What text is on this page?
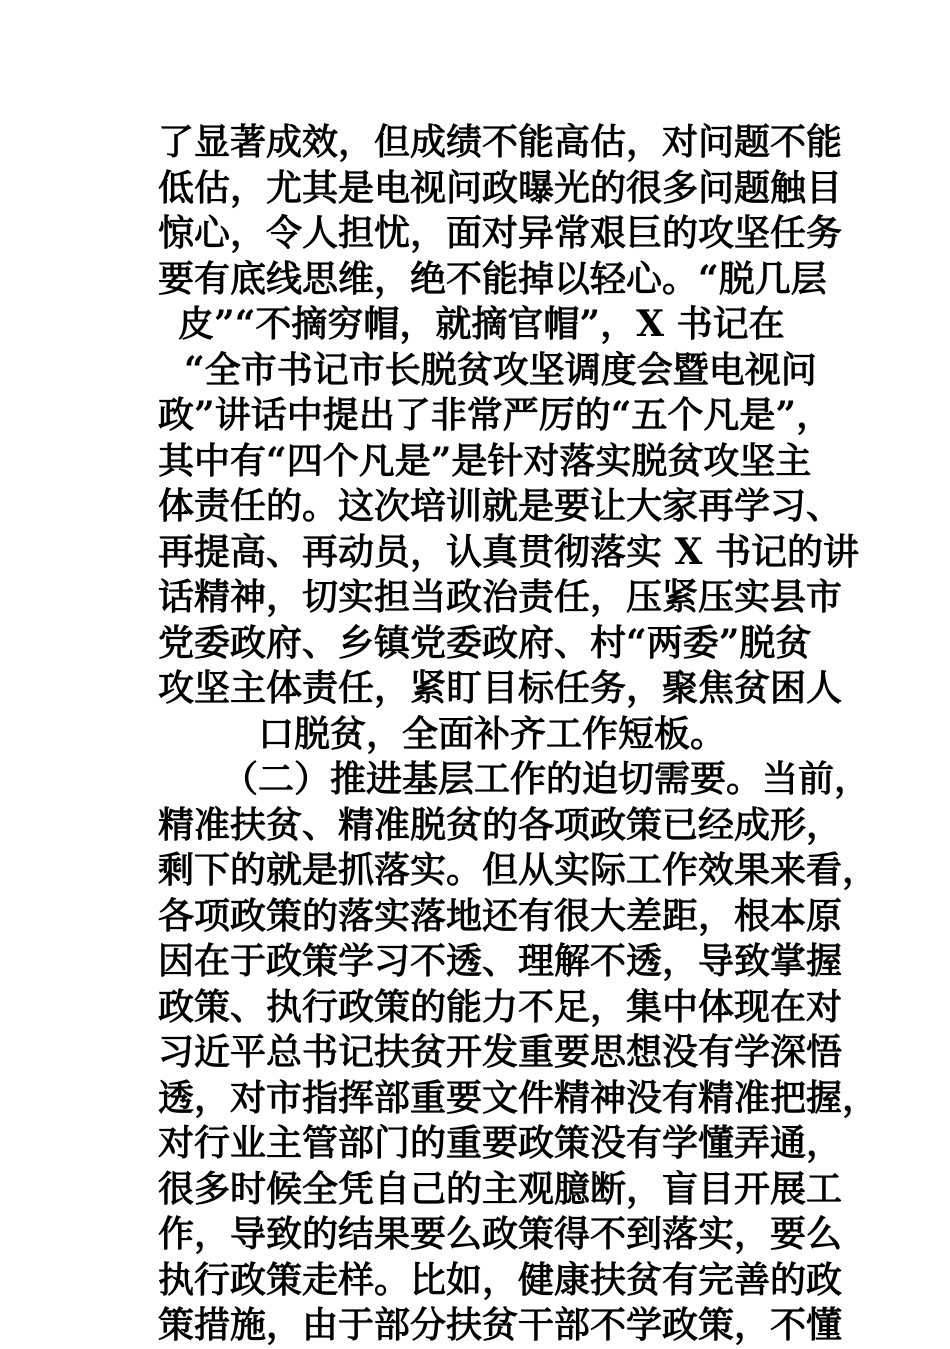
了显著成效，但成绩不能高估，对问题不能
低估，尤其是电视问政曝光的很多问题触目
惊心，令人担忧，面对异常艰巨的攻坚任务
要有底线思维，绝不能掉以轻心。“脱几层
皮”“不摘穷帽，就摘官帽”，X 书记在
“全市书记市长脱贫攻坚调度会暨电视问
政”讲话中提出了非常严厉的“五个凡是”，
其中有“四个凡是”是针对落实脱贫攻坚主
体责任的。这次培训就是要让大家再学习、
再提高、再动员，认真贯彻落实 X 书记的讲
话精神，切实担当政治责任，压紧压实县市
党委政府、乡镇党委政府、村“两委”脱贫
攻坚主体责任，紧盯目标任务，聚焦贫困人
口脱贫，全面补齐工作短板。
（二）推进基层工作的迫切需要。当前，
精准扶贫、精准脱贫的各项政策已经成形，
剩下的就是抓落实。但从实际工作效果来看，
各项政策的落实落地还有很大差距，根本原
因在于政策学习不透、理解不透，导致掌握
政策、执行政策的能力不足，集中体现在对
习近平总书记扶贫开发重要思想没有学深悟
透，对市指挥部重要文件精神没有精准把握，
对行业主管部门的重要政策没有学懂弄通，
很多时候全凭自己的主观臆断，盲目开展工
作，导致的结果要么政策得不到落实，要么
执行政策走样。比如，健康扶贫有完善的政
策措施，由于部分扶贫干部不学政策，不懂
